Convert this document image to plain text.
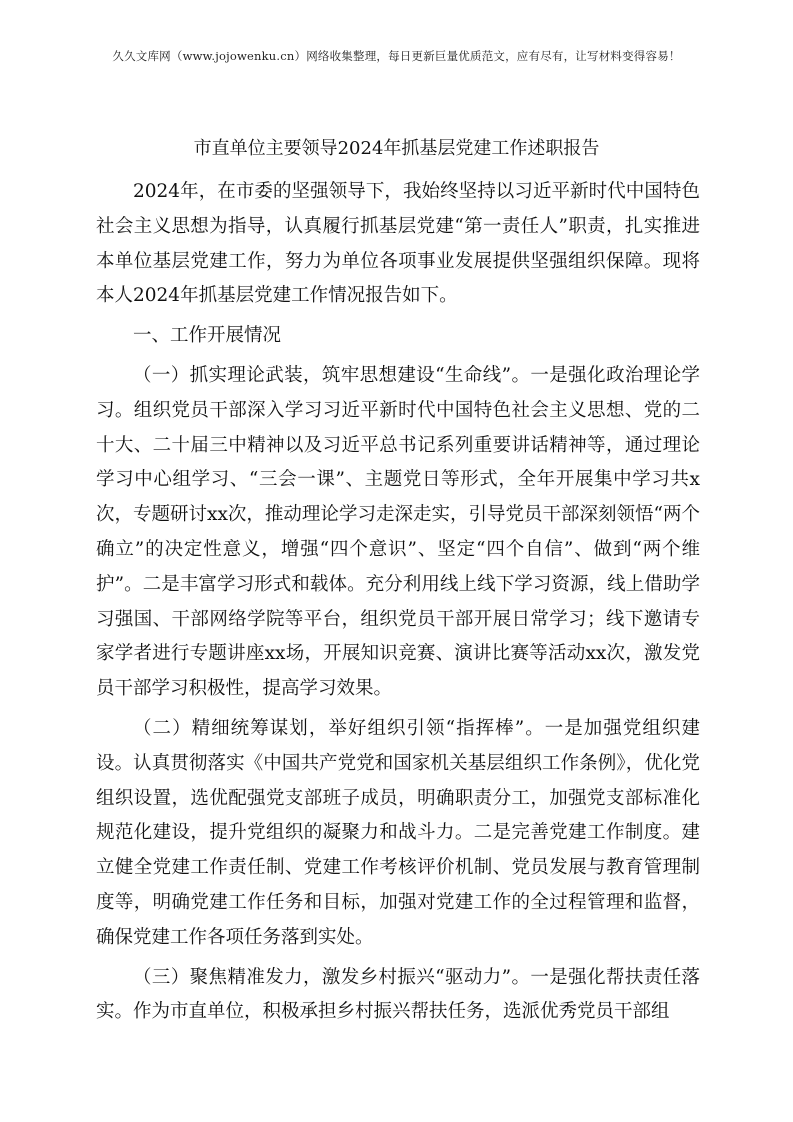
久久文库网（www.jojowenku.cn）网络收集整理，每日更新巨量优质范文，应有尽有，让写材料变得容易！
市直单位主要领导2024年抓基层党建工作述职报告

2024年，在市委的坚强领导下，我始终坚持以习近平新时代中国特色社会主义思想为指导，认真履行抓基层党建“第一责任人”职责，扎实推进本单位基层党建工作，努力为单位各项事业发展提供坚强组织保障。现将本人2024年抓基层党建工作情况报告如下。

一、工作开展情况

（一）抓实理论武装，筑牢思想建设“生命线”。一是强化政治理论学习。组织党员干部深入学习习近平新时代中国特色社会主义思想、党的二十大、二十届三中精神以及习近平总书记系列重要讲话精神等，通过理论学习中心组学习、“三会一课”、主题党日等形式，全年开展集中学习共x次，专题研讨xx次，推动理论学习走深走实，引导党员干部深刻领悟“两个确立”的决定性意义，增强“四个意识”、坚定“四个自信”、做到“两个维护”。二是丰富学习形式和载体。充分利用线上线下学习资源，线上借助学习强国、干部网络学院等平台，组织党员干部开展日常学习；线下邀请专家学者进行专题讲座xx场，开展知识竞赛、演讲比赛等活动xx次，激发党员干部学习积极性，提高学习效果。

（二）精细统筹谋划，举好组织引领“指挥棒”。一是加强党组织建设。认真贯彻落实《中国共产党党和国家机关基层组织工作条例》，优化党组织设置，选优配强党支部班子成员，明确职责分工，加强党支部标准化规范化建设，提升党组织的凝聚力和战斗力。二是完善党建工作制度。建立健全党建工作责任制、党建工作考核评价机制、党员发展与教育管理制度等，明确党建工作任务和目标，加强对党建工作的全过程管理和监督，确保党建工作各项任务落到实处。

（三）聚焦精准发力，激发乡村振兴“驱动力”。一是强化帮扶责任落实。作为市直单位，积极承担乡村振兴帮扶任务，选派优秀党员干部组
